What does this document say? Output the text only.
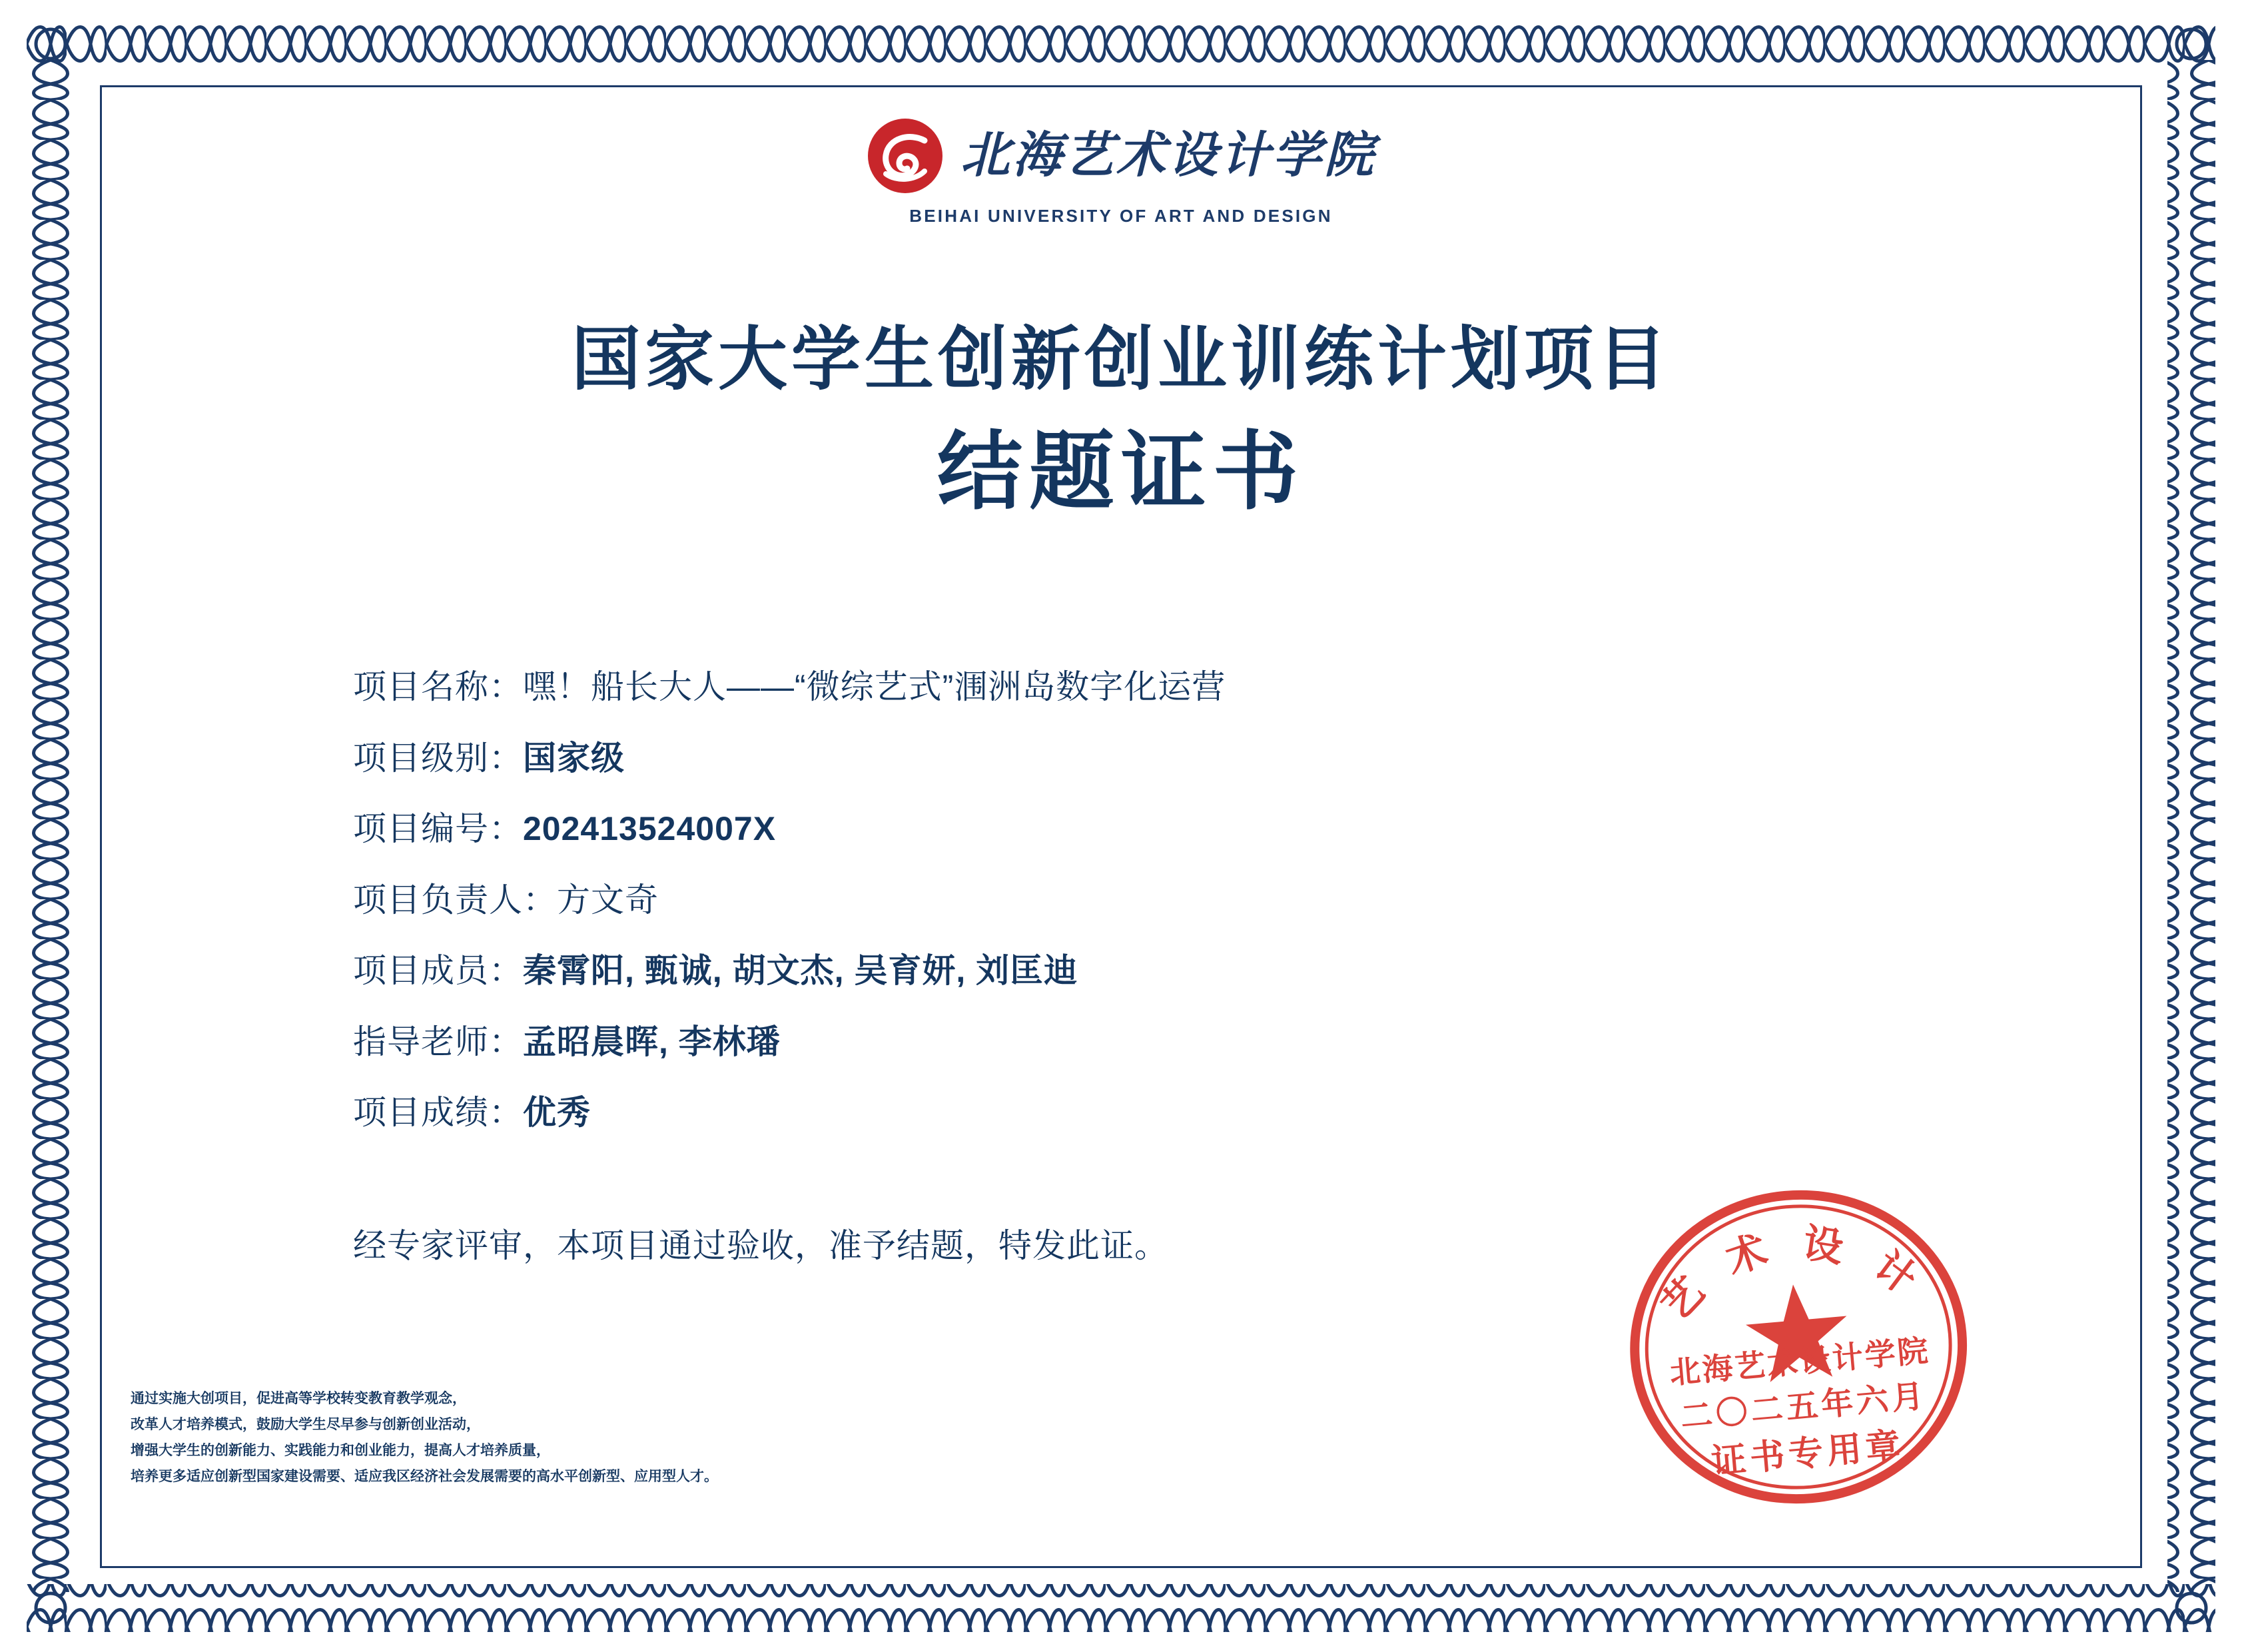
北海艺术设计学院
BEIHAI UNIVERSITY OF ART AND DESIGN
国家大学生创新创业训练计划项目
结题证书
项目名称： 嘿！船长大人——“微综艺式”涠洲岛数字化运营
项目级别： 国家级
项目编号： 202413524007X
项目负责人： 方文奇
项目成员： 秦霄阳, 甄诚, 胡文杰, 吴育妍, 刘匡迪
指导老师： 孟昭晨晖, 李林璠
项目成绩： 优秀
经专家评审，本项目通过验收，准予结题，特发此证。
通过实施大创项目，促进高等学校转变教育教学观念，
改革人才培养模式，鼓励大学生尽早参与创新创业活动，
增强大学生的创新能力、实践能力和创业能力，提高人才培养质量，
培养更多适应创新型国家建设需要、适应我区经济社会发展需要的高水平创新型、应用型人才。
艺 术 设 计
北海艺术设计学院
二〇二五年六月
证书专用章
